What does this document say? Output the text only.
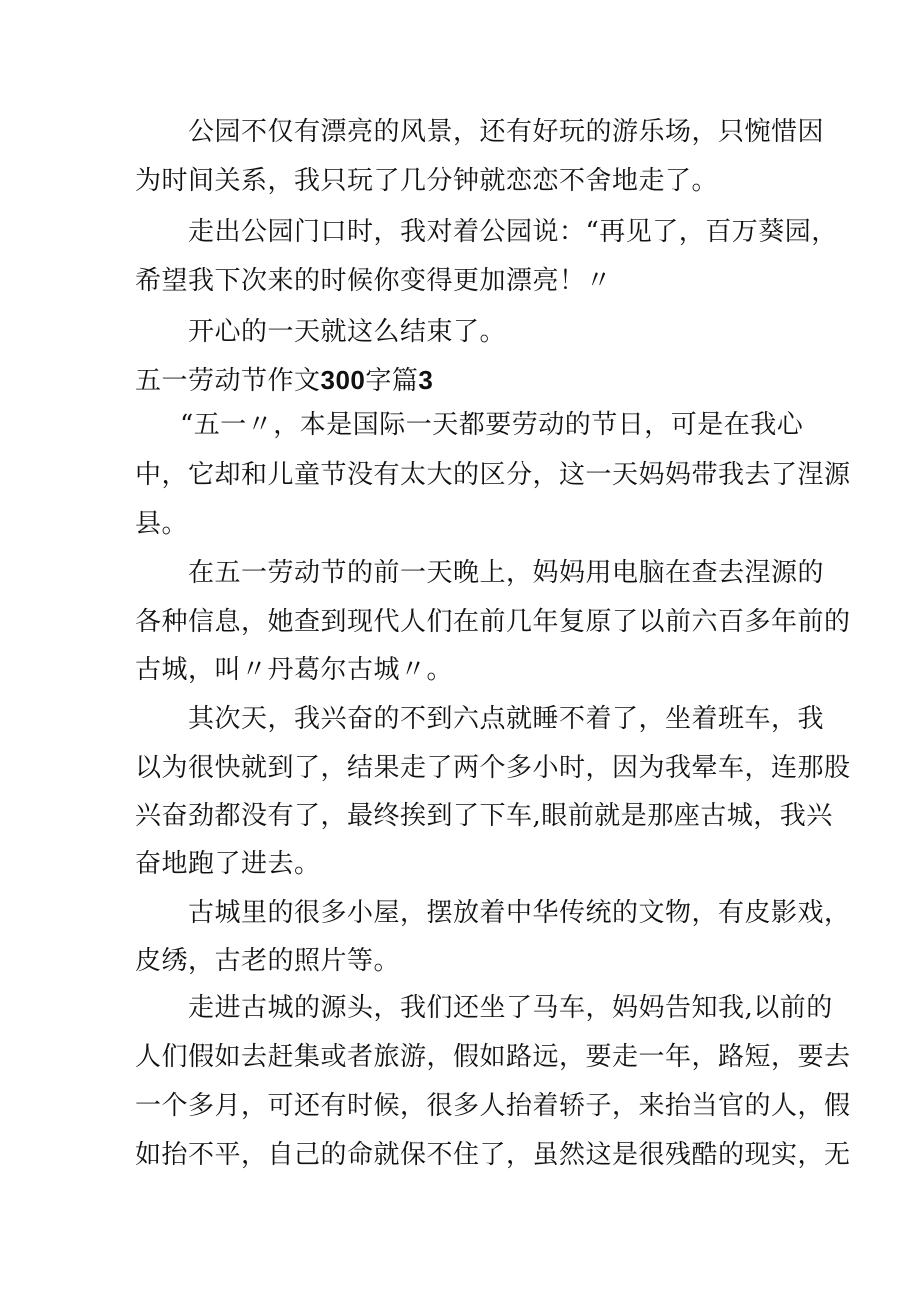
公园不仅有漂亮的风景，还有好玩的游乐场，只惋惜因
为时间关系，我只玩了几分钟就恋恋不舍地走了。
走出公园门口时，我对着公园说：“再见了，百万葵园，
希望我下次来的时候你变得更加漂亮！〃
开心的一天就这么结束了。
五一劳动节作文300字篇3
“五一〃，本是国际一天都要劳动的节日，可是在我心
中，它却和儿童节没有太大的区分，这一天妈妈带我去了涅源
县。
在五一劳动节的前一天晚上，妈妈用电脑在查去涅源的
各种信息，她查到现代人们在前几年复原了以前六百多年前的
古城，叫〃丹葛尔古城〃。
其次天，我兴奋的不到六点就睡不着了，坐着班车，我
以为很快就到了，结果走了两个多小时，因为我晕车，连那股
兴奋劲都没有了，最终挨到了下车,眼前就是那座古城，我兴
奋地跑了进去。
古城里的很多小屋，摆放着中华传统的文物，有皮影戏，
皮绣，古老的照片等。
走进古城的源头，我们还坐了马车，妈妈告知我,以前的
人们假如去赶集或者旅游，假如路远，要走一年，路短，要去
一个多月，可还有时候，很多人抬着轿子，来抬当官的人，假
如抬不平，自己的命就保不住了，虽然这是很残酷的现实，无
